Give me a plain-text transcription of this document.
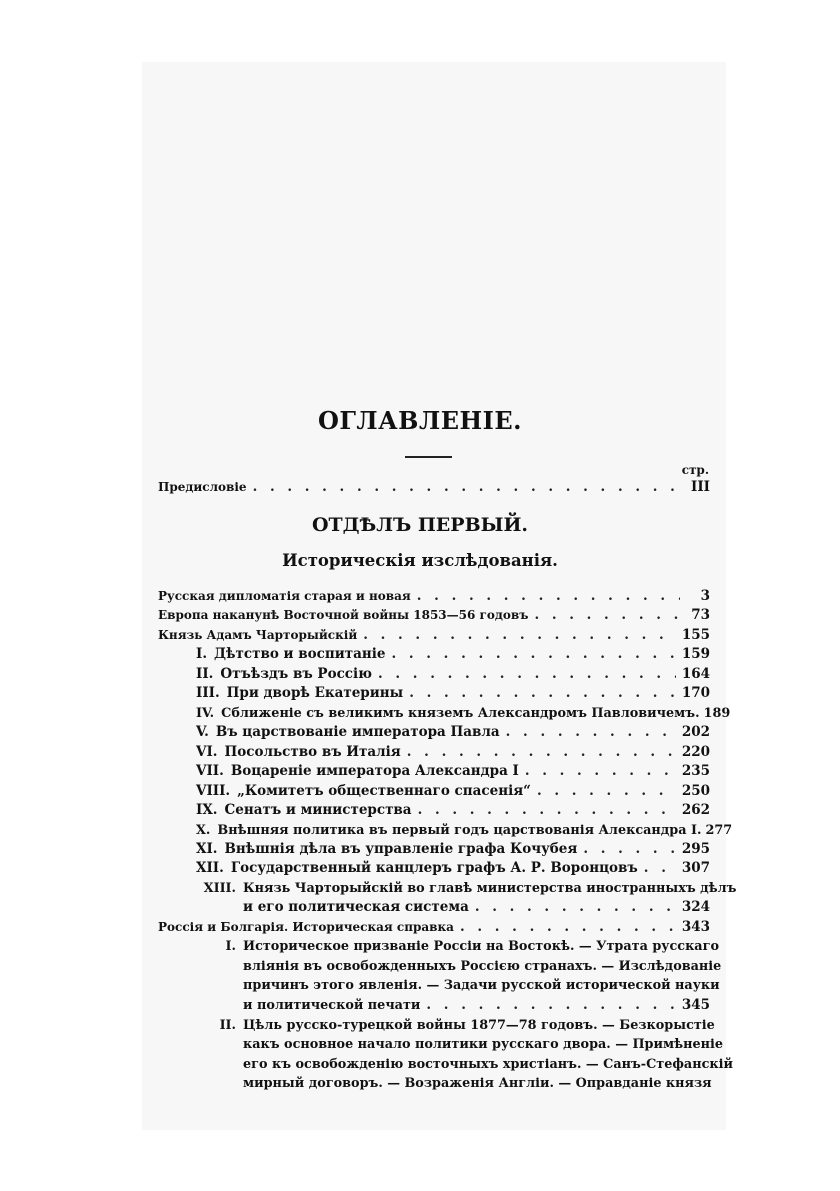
ОГЛАВЛЕНІЕ.
стр.
Предисловіе . . .	III
ОТДѢЛЪ ПЕРВЫЙ.
Историческія изслѣдованія.
Русская дипломатія старая и новая . . .	3
Европа наканунѣ Восточной войны 1853—56 годовъ . . .	73
Князь Адамъ Чарторыйскій . . .	155
I. Дѣтство и воспитаніе . . .	159
II. Отъѣздъ въ Россію . . .	164
III. При дворѣ Екатерины . . .	170
IV. Сближеніе съ великимъ княземъ Александромъ Павловичемъ. 189
V. Въ царствованіе императора Павла . . .	202
VI. Посольство въ Италія . . .	220
VII. Воцареніе императора Александра I . . .	235
VIII. „Комитетъ общественнаго спасенія“ . . .	250
IX. Сенатъ и министерства . . .	262
X. Внѣшняя политика въ первый годъ царствованія Александра I. 277
XI. Внѣшнія дѣла въ управленіе графа Кочубея . . .	295
XII. Государственный канцлеръ графъ А. Р. Воронцовъ . . .	307
XIII. Князь Чарторыйскій во главѣ министерства иностранныхъ дѣлъ
и его политическая система . . .	324
Россія и Болгарія. Историческая справка . . .	343
I. Историческое призваніе Россіи на Востокѣ. — Утрата русскаго
вліянія въ освобожденныхъ Россією странахъ. — Изслѣдованіе
причинъ этого явленія. — Задачи русской исторической науки
и политической печати . . .	345
II. Цѣль русско-турецкой войны 1877—78 годовъ. — Безкорыстіе
какъ основное начало политики русскаго двора. — Примѣненіе
его къ освобожденію восточныхъ христіанъ. — Санъ-Стефанскій
мирный договоръ. — Возраженія Англіи. — Оправданіе князя
